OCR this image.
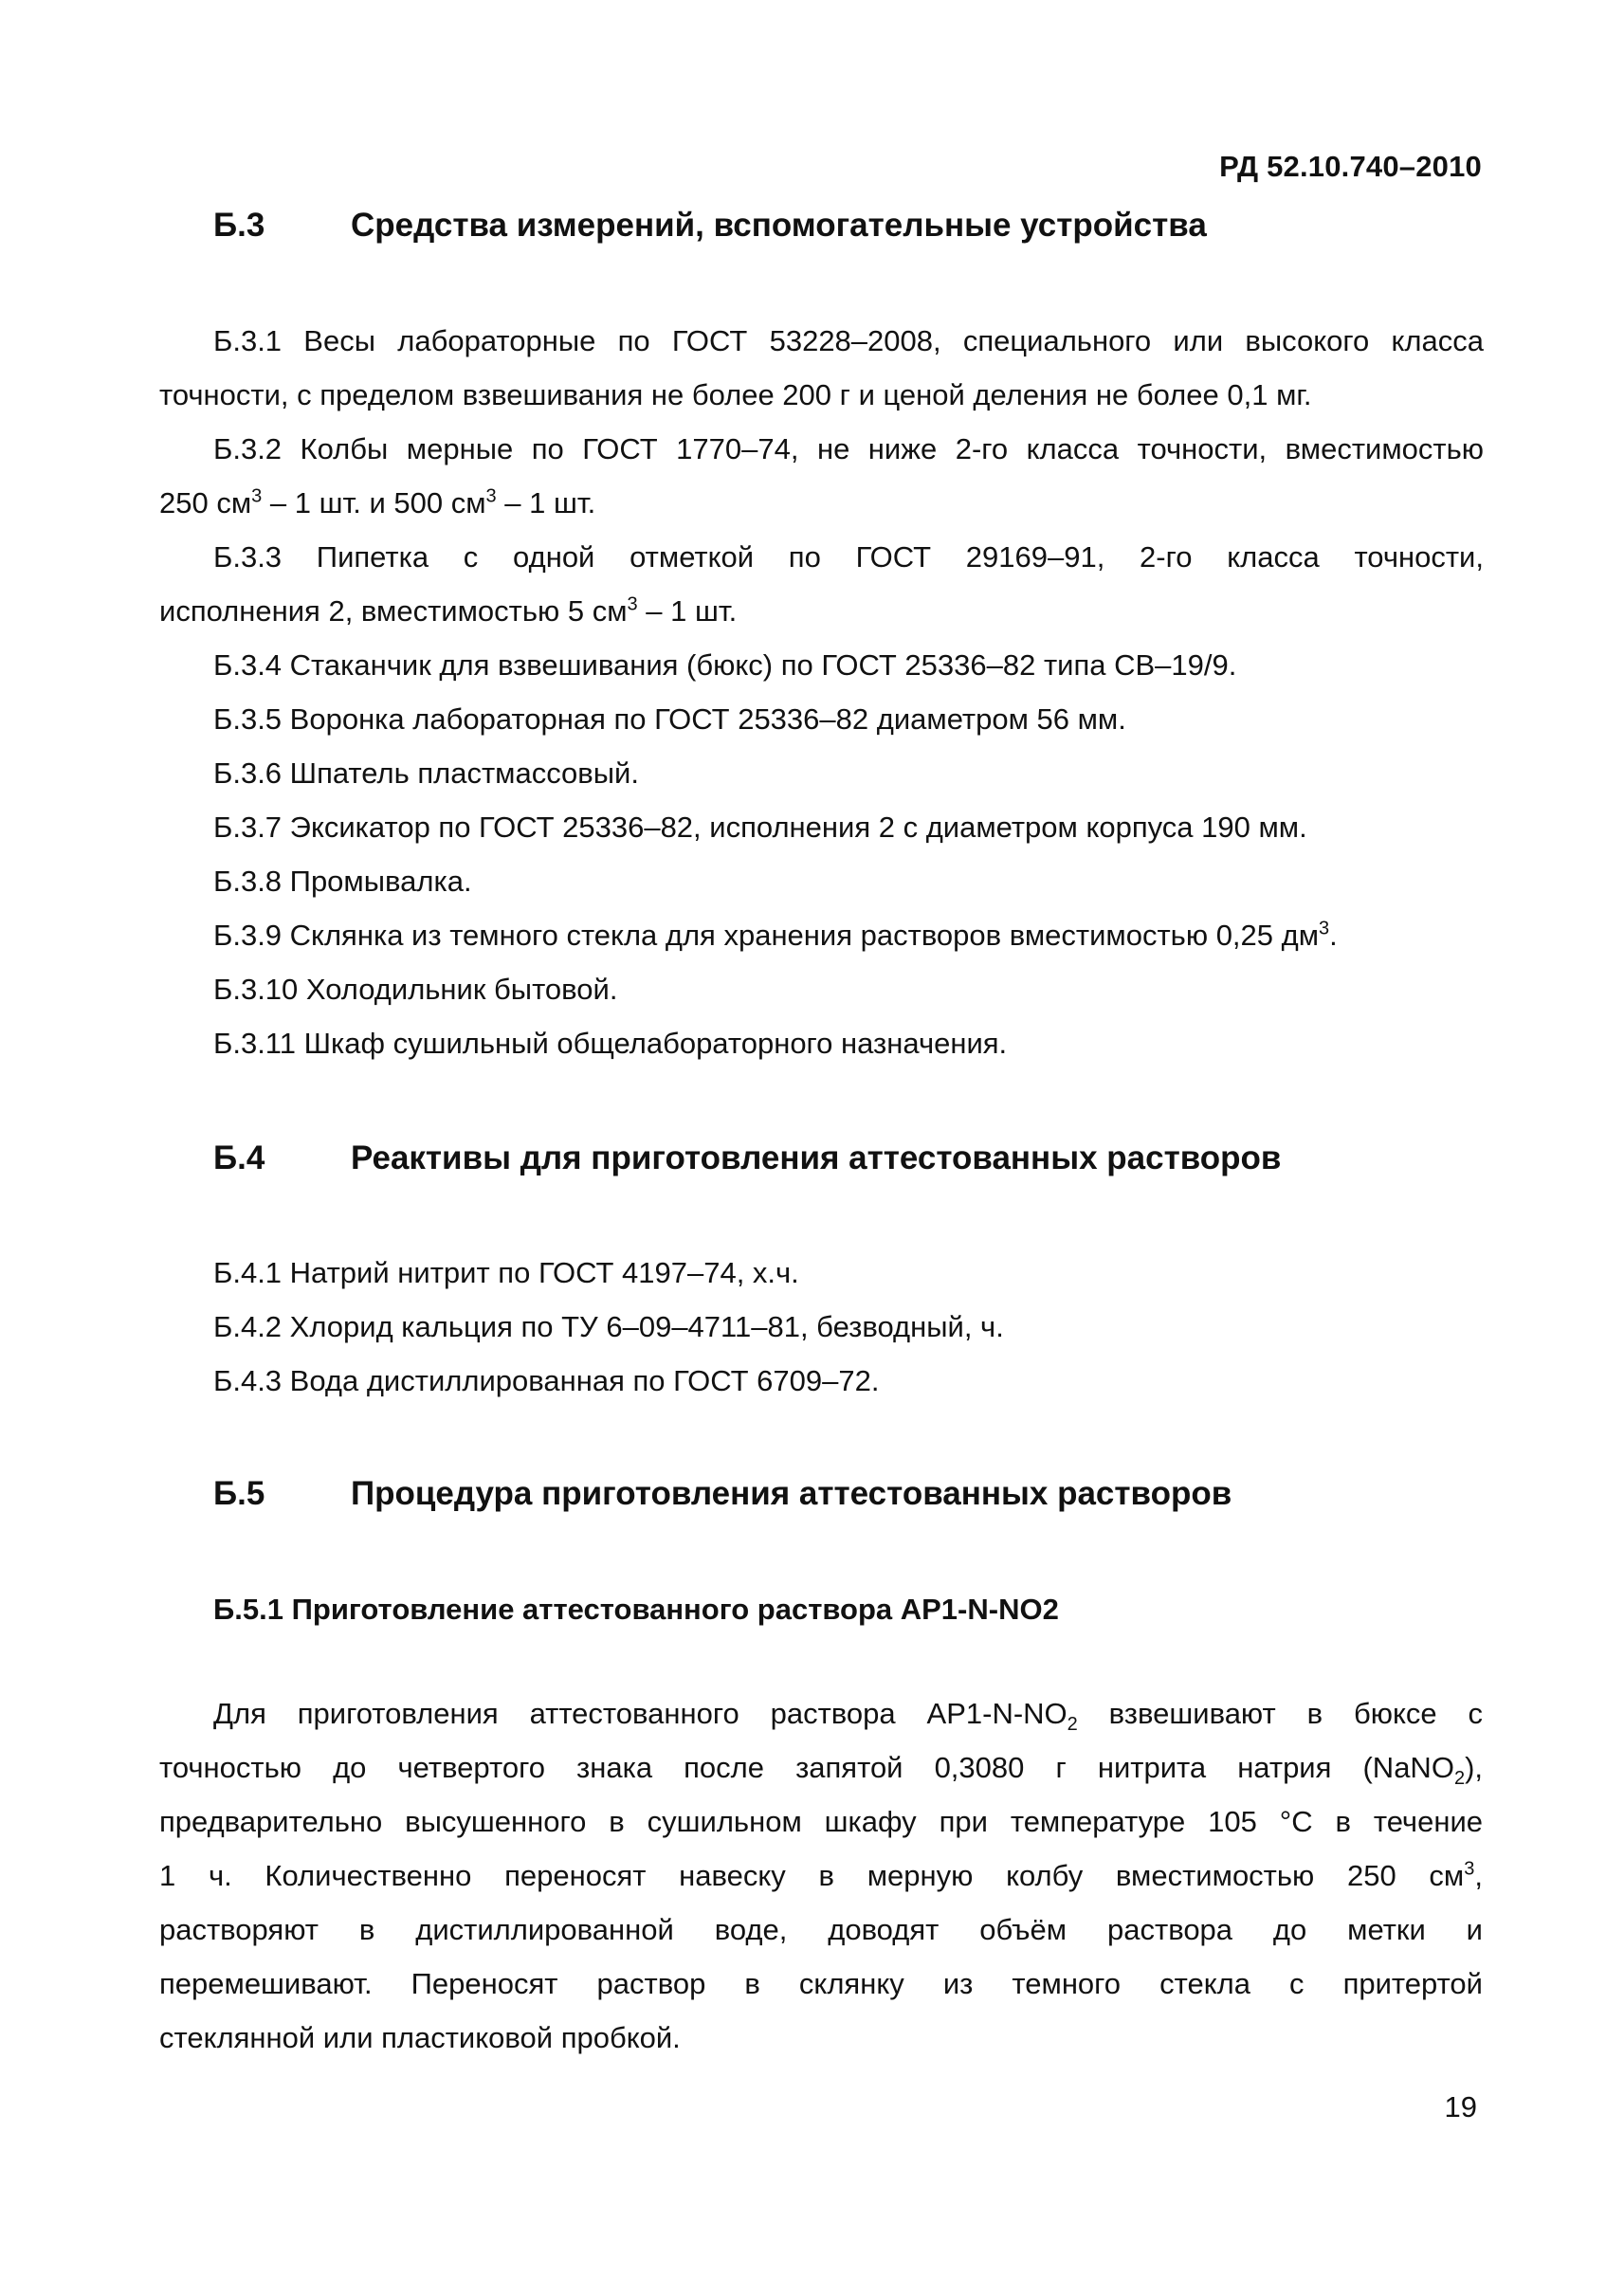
РД 52.10.740–2010
Б.3	Средства измерений, вспомогательные устройства
Б.3.1 Весы лабораторные по ГОСТ 53228–2008, специального или высокого класса
точности, с пределом взвешивания не более 200 г и ценой деления не более 0,1 мг.
Б.3.2 Колбы мерные по ГОСТ 1770–74, не ниже 2-го класса точности, вместимостью
250 $см^3 - 1$ шт. и 500 $см^3 - 1$ шт.
Б.3.3 Пипетка с одной отметкой по ГОСТ 29169–91, 2-го класса точности,
исполнения 2, вместимостью 5 $см^3 - 1$ шт.
Б.3.4 Стаканчик для взвешивания (бюкс) по ГОСТ 25336–82 типа СВ–19/9.
Б.3.5 Воронка лабораторная по ГОСТ 25336–82 диаметром 56 мм.
Б.3.6 Шпатель пластмассовый.
Б.3.7 Эксикатор по ГОСТ 25336–82, исполнения 2 с диаметром корпуса 190 мм.
Б.3.8 Промывалка.
Б.3.9 Склянка из темного стекла для хранения растворов вместимостью 0,25 $дм^3$.
Б.3.10 Холодильник бытовой.
Б.3.11 Шкаф сушильный общелабораторного назначения.
Б.4	Реактивы для приготовления аттестованных растворов
Б.4.1 Натрий нитрит по ГОСТ 4197–74, х.ч.
Б.4.2 Хлорид кальция по ТУ 6–09–4711–81, безводный, ч.
Б.4.3 Вода дистиллированная по ГОСТ 6709–72.
Б.5	Процедура приготовления аттестованных растворов
Б.5.1 Приготовление аттестованного раствора АР1-N-NO2
Для приготовления аттестованного раствора $АР1-N-NO_2$ взвешивают в бюксе с
точностью до четвертого знака после запятой 0,3080 г нитрита натрия (NaNO$_2$),
предварительно высушенного в сушильном шкафу при температуре 105 °С в течение
1 ч. Количественно переносят навеску в мерную колбу вместимостью 250 $см^3$,
растворяют в дистиллированной воде, доводят объём раствора до метки и
перемешивают. Переносят раствор в склянку из темного стекла с притертой
стеклянной или пластиковой пробкой.
19
